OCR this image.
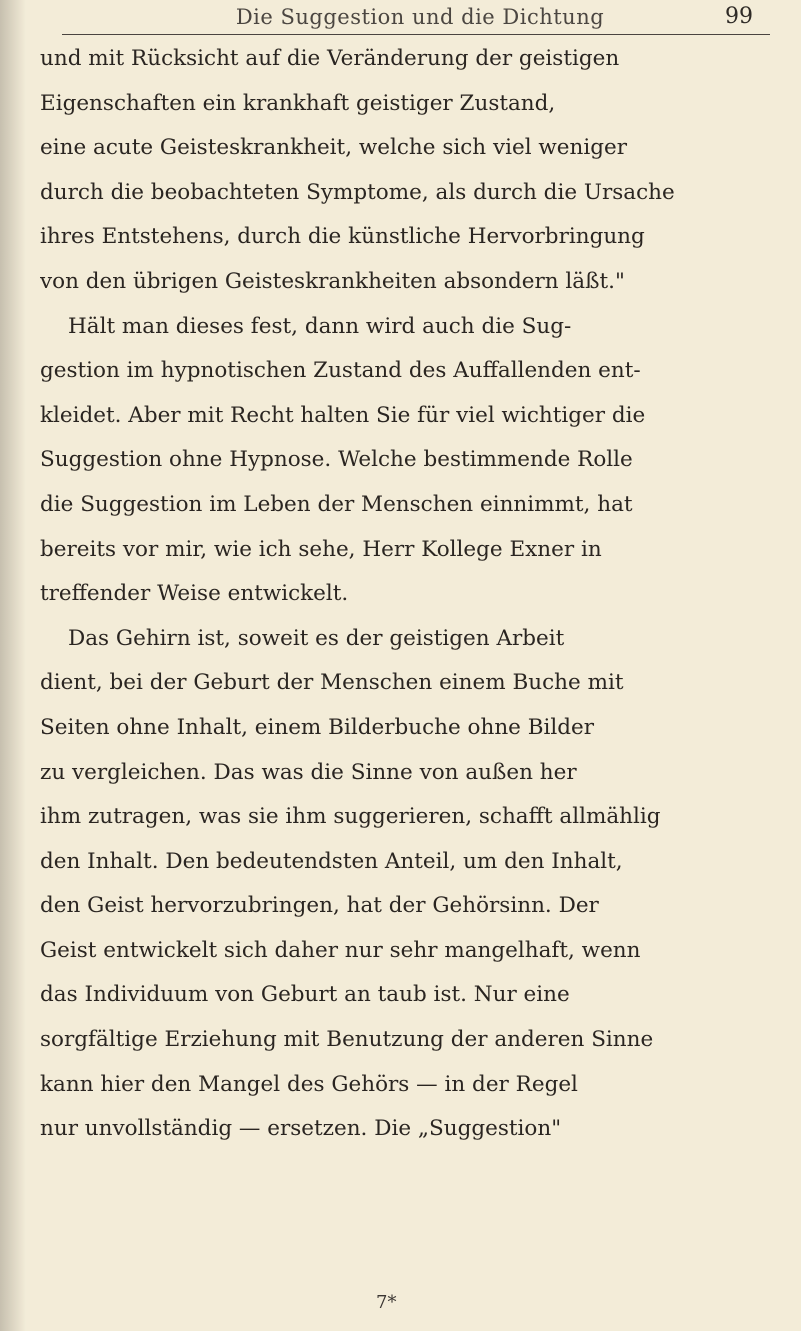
Die Suggestion und die Dichtung	99
und mit Rücksicht auf die Veränderung der geistigen
Eigenschaften ein krankhaft geistiger Zustand,
eine acute Geisteskrankheit, welche sich viel weniger
durch die beobachteten Symptome, als durch die Ursache
ihres Entstehens, durch die künstliche Hervorbringung
von den übrigen Geisteskrankheiten absondern läßt."
Hält man dieses fest, dann wird auch die Sug-
gestion im hypnotischen Zustand des Auffallenden ent-
kleidet. Aber mit Recht halten Sie für viel wichtiger die
Suggestion ohne Hypnose. Welche bestimmende Rolle
die Suggestion im Leben der Menschen einnimmt, hat
bereits vor mir, wie ich sehe, Herr Kollege Exner in
treffender Weise entwickelt.
Das Gehirn ist, soweit es der geistigen Arbeit
dient, bei der Geburt der Menschen einem Buche mit
Seiten ohne Inhalt, einem Bilderbuche ohne Bilder
zu vergleichen. Das was die Sinne von außen her
ihm zutragen, was sie ihm suggerieren, schafft allmählig
den Inhalt. Den bedeutendsten Anteil, um den Inhalt,
den Geist hervorzubringen, hat der Gehörsinn. Der
Geist entwickelt sich daher nur sehr mangelhaft, wenn
das Individuum von Geburt an taub ist. Nur eine
sorgfältige Erziehung mit Benutzung der anderen Sinne
kann hier den Mangel des Gehörs — in der Regel
nur unvollständig — ersetzen. Die „Suggestion"
7*
